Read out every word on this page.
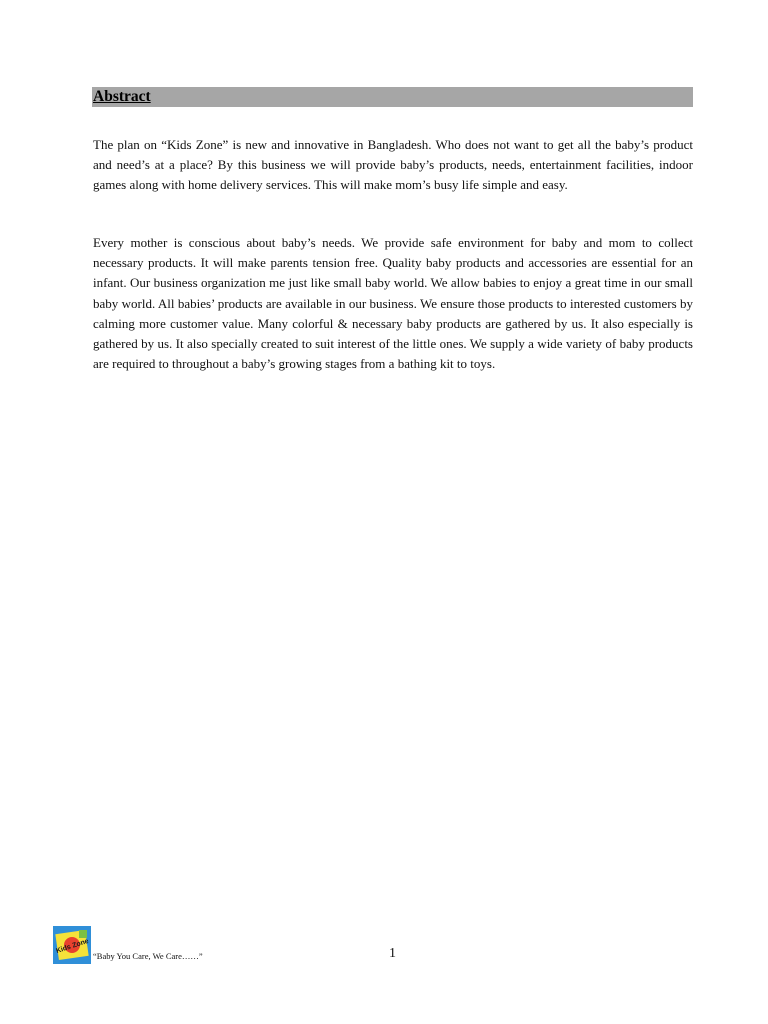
Abstract

The plan on “Kids Zone” is new and innovative in Bangladesh. Who does not want to get all the baby’s product and need’s at a place? By this business we will provide baby’s products, needs, entertainment facilities, indoor games along with home delivery services. This will make mom’s busy life simple and easy.

Every mother is conscious about baby’s needs. We provide safe environment for baby and mom to collect necessary products. It will make parents tension free. Quality baby products and accessories are essential for an infant. Our business organization me just like small baby world. We allow babies to enjoy a great time in our small baby world. All babies’ products are available in our business. We ensure those products to interested customers by calming more customer value. Many colorful & necessary baby products are gathered by us. It also especially is gathered by us. It also specially created to suit interest of the little ones. We supply a wide variety of baby products are required to throughout a baby’s growing stages from a bathing kit to toys.

Kids Zone
“Baby You Care, We Care……”	1
